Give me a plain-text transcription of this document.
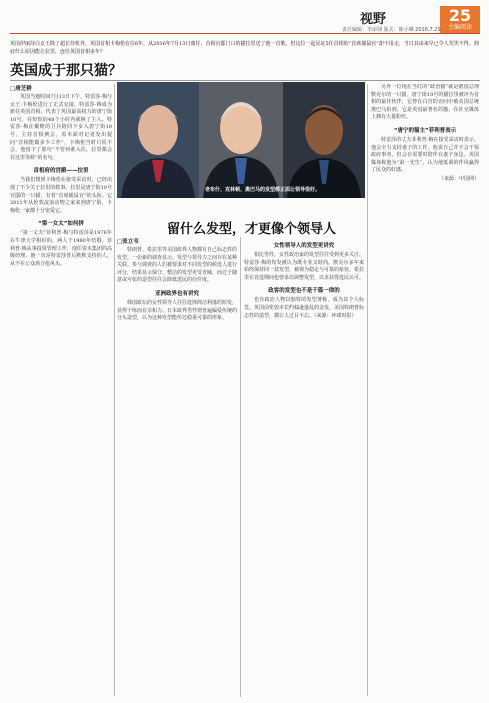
视野	25
主编阅读
责任编辑：李添翎 版式：陈小琳 2016.7.29
英国伊丽莎白女王除了超长待机外，英国首相卡梅伦在位6年，从2016年7月13日离任，首相官邸门口的猫拉里送了他一首歌，但这位一起见证5任首相的“首席捕鼠官”却不用走，当日其由来早已令人哭笑不得。到底什么原因能让拉里，连任英国首相多年？
英国成于那只猫？

□唐芝耕

英国当地时间7月13日下午，特雷莎·梅与女王·卡梅伦进行了正式交接，特雷莎·梅成为新任英国首相。代表了英国最高权力的唐宁街10号，在短短的48个小时内就换了主人。特雷莎·梅在戴维的卫兵陪同下步入唐宁街10号，主持首相例会。原本面对记者发出提问“首相能做多少工作”，卡梅伦当时只说不会，他留下了那句“不管何谁入住，拉里都会在这里等候”的名句。

首相府的宫殿——拉里

当我们想到卡梅伦在接受采访时，已经出现了不少关于拉里的轶事。拉里是唐宁街10号官邸的一只猫，有着“首席捕鼠官”的头衔。它2011年从伦敦流浪动物之家来到唐宁街，卡梅伦一家都十分宠爱它。

“第一女太”如何拼

“第一丈夫”菲利普·梅与特雷莎是1976年在牛津大学相识的，两人于1980年结婚。菲利普·梅从事投资管理工作，现任资本集团的高级经理。他一直是特雷莎背后默默支持的人，从不在公众场合抢风头。

老布什、克林顿、奥巴马的发型都正面让领导很好。
留什么发型，才更像个领导人

□张立韦

特朗普、希拉里等美国政界人物都有自己标志性的发型。一份新的调查显示，发型与领导力之间存在某种关联。参与调查的人们被要求对不同发型的候选人进行评分，结果显示保守、整洁的发型更受青睐，而过于随意或夸张的造型往往会降低选民的信任度。

亚洲政界也有讲究

韩国政坛的女性领导人往往选择简洁利落的短发，显得干练而有亲和力。日本政界男性则普遍偏爱传统的分头造型，认为这种发型能传达稳重可靠的形象。

女性领导人的发型更讲究

相比男性，女性政治家的发型往往受到更多关注。特雷莎·梅的短发被认为既专业又时尚。默克尔多年来始终保持同一款发型，被视为稳定与可靠的象征。希拉里在竞选期间也曾多次调整发型，以求获得选民认可。

政客的发型也不是千篇一律的

也有政治人物以独特的发型著称，成为其个人标签。英国前伦敦市长约翰逊蓬乱的金发，美国特朗普标志性的造型，都让人过目不忘。（来源：环球时报）

另外一位现在当红的“政治猫”就是德国总理默克尔的一只猫。唐宁街10号的猫拉里被评为首相的最佳伙伴，它曾在白宫的访问中被美国总统奥巴马拍到。它是英国最著名的猫，在社交媒体上拥有大量粉丝。

“唐宁的猫主”菲利普表示

特雷莎的丈夫菲利普·梅在接受采访时表示，他会全力支持妻子的工作。他说自己并不会干预政府事务，但会在需要时陪伴在妻子身边。英国媒体称他为“第一先生”，认为他低调的作风赢得了民众的好感。

（来源：中国网）
